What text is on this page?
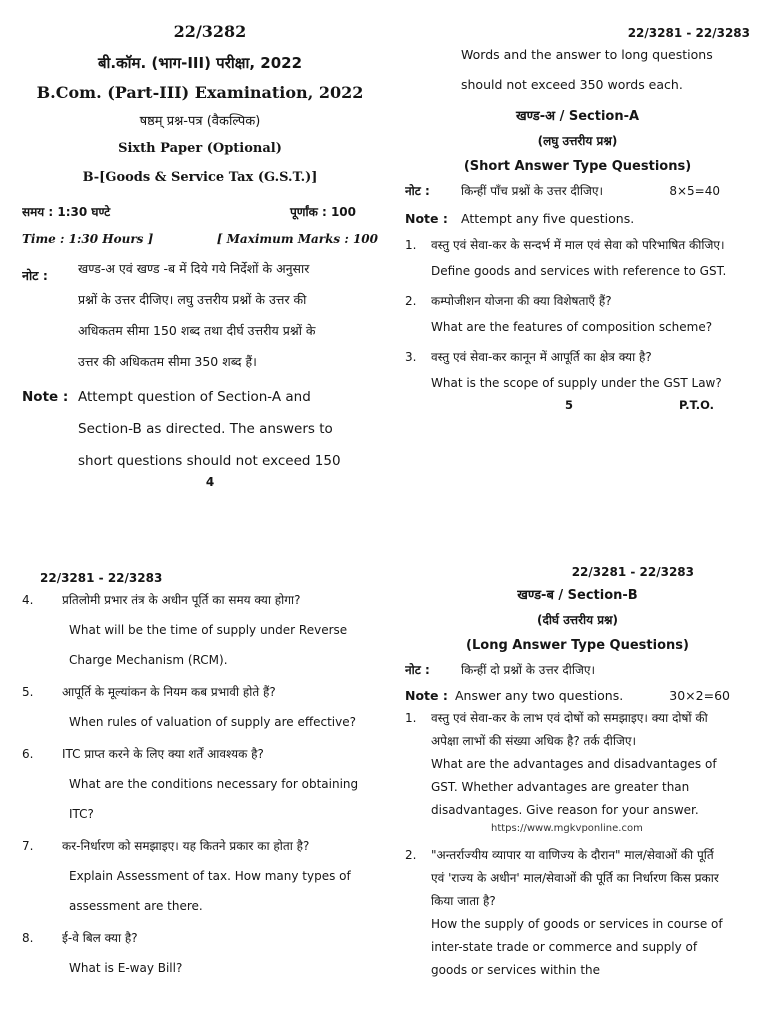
22/3282
बी.कॉम. (भाग-III) परीक्षा, 2022
B.Com. (Part-III) Examination, 2022
षष्ठम् प्रश्न-पत्र (वैकल्पिक)
Sixth Paper (Optional)
B-[Goods & Service Tax (G.S.T.)]
समय : 1:30 घण्टे	पूर्णांक : 100
Time : 1:30 Hours ]	[ Maximum Marks : 100
नोट :	खण्ड-अ एवं खण्ड -ब में दिये गये निर्देशों के अनुसार

प्रश्नों के उत्तर दीजिए। लघु उत्तरीय प्रश्नों के उत्तर की

अधिकतम सीमा 150 शब्द तथा दीर्घ उत्तरीय प्रश्नों के

उत्तर की अधिकतम सीमा 350 शब्द हैं।

Note : Attempt question of Section-A and

Section-B as directed. The answers to

short questions should not exceed 150

4
22/3281 - 22/3283

Words and the answer to long questions

should not exceed 350 words each.

खण्ड-अ / Section-A
(लघु उत्तरीय प्रश्न)
(Short Answer Type Questions)
नोट :	किन्हीं पाँच प्रश्नों के उत्तर दीजिए।	8×5=40
Note : Attempt any five questions.
1.	वस्तु एवं सेवा-कर के सन्दर्भ में माल एवं सेवा को परिभाषित कीजिए।

Define goods and services with reference to GST.

2.	कम्पोजीशन योजना की क्या विशेषताएँ हैं?

What are the features of composition scheme?

3.	वस्तु एवं सेवा-कर कानून में आपूर्ति का क्षेत्र क्या है?

What is the scope of supply under the GST Law?

5	P.T.O.
22/3281 - 22/3283
4.	प्रतिलोमी प्रभार तंत्र के अधीन पूर्ति का समय क्या होगा?

What will be the time of supply under Reverse Charge Mechanism (RCM).

5.	आपूर्ति के मूल्यांकन के नियम कब प्रभावी होते हैं?

When rules of valuation of supply are effective?

6.	ITC प्राप्त करने के लिए क्या शर्तें आवश्यक है?

What are the conditions necessary for obtaining ITC?

7.	कर-निर्धारण को समझाइए। यह कितने प्रकार का होता है?

Explain Assessment of tax. How many types of assessment are there.

8.	ई-वे बिल क्या है?

What is E-way Bill?

22/3281 - 22/3283
खण्ड-ब / Section-B
(दीर्घ उत्तरीय प्रश्न)
(Long Answer Type Questions)
नोट :	किन्हीं दो प्रश्नों के उत्तर दीजिए।
Note : Answer any two questions.	30×2=60
1.	वस्तु एवं सेवा-कर के लाभ एवं दोषों को समझाइए। क्या दोषों की अपेक्षा लाभों की संख्या अधिक है? तर्क दीजिए।

What are the advantages and disadvantages of GST. Whether advantages are greater than disadvantages. Give reason for your answer.

https://www.mgkvponline.com

2.	"अन्तर्राज्यीय व्यापार या वाणिज्य के दौरान" माल/सेवाओं की पूर्ति एवं 'राज्य के अधीन' माल/सेवाओं की पूर्ति का निर्धारण किस प्रकार किया जाता है?

How the supply of goods or services in course of inter-state trade or commerce and supply of goods or services within the
